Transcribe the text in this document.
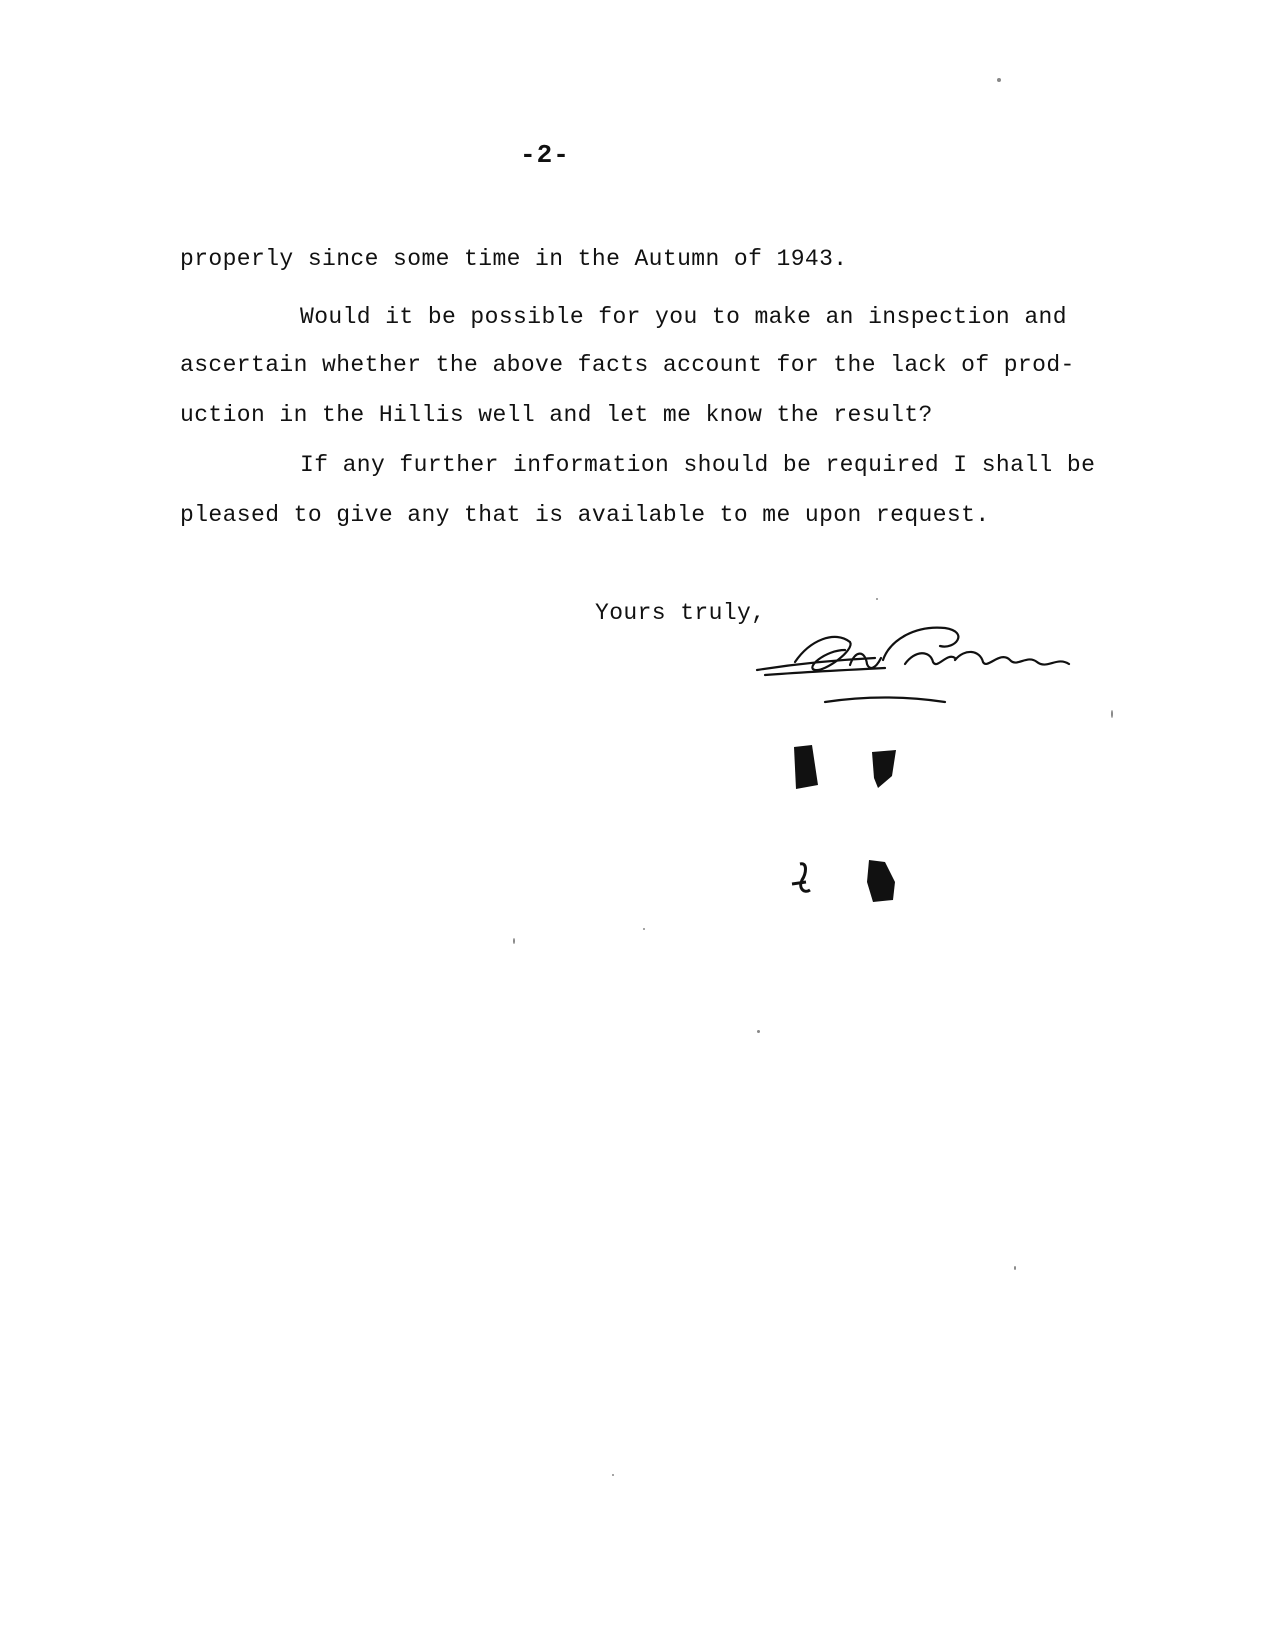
-2-
properly since some time in the Autumn of 1943.
Would it be possible for you to make an inspection and
ascertain whether the above facts account for the lack of prod-
uction in the Hillis well and let me know the result?
If any further information should be required I shall be
pleased to give any that is available to me upon request.
Yours truly,
